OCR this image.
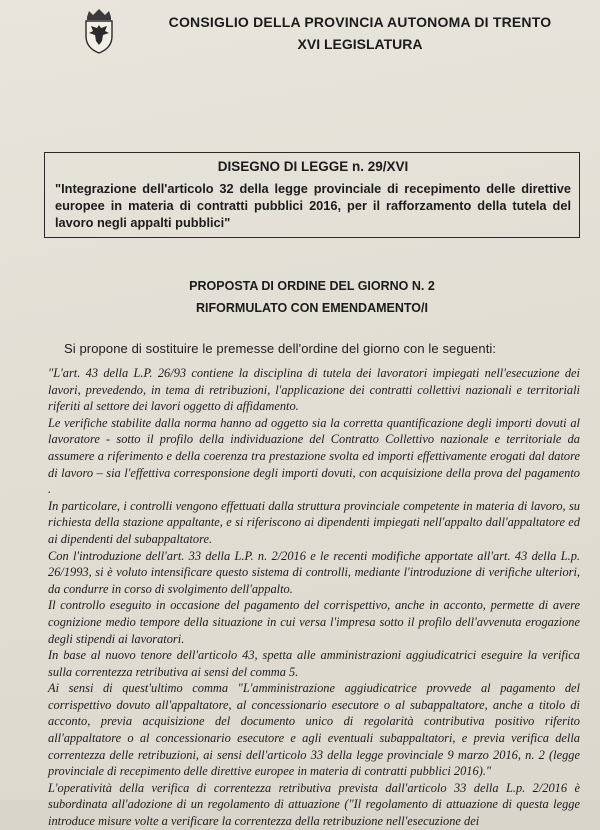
CONSIGLIO DELLA PROVINCIA AUTONOMA DI TRENTO
XVI LEGISLATURA
DISEGNO DI LEGGE n. 29/XVI
"Integrazione dell'articolo 32 della legge provinciale di recepimento delle direttive europee in materia di contratti pubblici 2016, per il rafforzamento della tutela del lavoro negli appalti pubblici"
PROPOSTA DI ORDINE DEL GIORNO N. 2
RIFORMULATO CON EMENDAMENTO/I
Si propone di sostituire le premesse dell'ordine del giorno con le seguenti:

"L'art. 43 della L.P. 26/93 contiene la disciplina di tutela dei lavoratori impiegati nell'esecuzione dei lavori, prevedendo, in tema di retribuzioni, l'applicazione dei contratti collettivi nazionali e territoriali riferiti al settore dei lavori oggetto di affidamento.

Le verifiche stabilite dalla norma hanno ad oggetto sia la corretta quantificazione degli importi dovuti al lavoratore - sotto il profilo della individuazione del Contratto Collettivo nazionale e territoriale da assumere a riferimento e della coerenza tra prestazione svolta ed importi effettivamente erogati dal datore di lavoro – sia l'effettiva corresponsione degli importi dovuti, con acquisizione della prova del pagamento .

In particolare, i controlli vengono effettuati dalla struttura provinciale competente in materia di lavoro, su richiesta della stazione appaltante, e si riferiscono ai dipendenti impiegati nell'appalto dall'appaltatore ed ai dipendenti del subappaltatore.

Con l'introduzione dell'art. 33 della L.P. n. 2/2016 e le recenti modifiche apportate all'art. 43 della L.p. 26/1993, si è voluto intensificare questo sistema di controlli, mediante l'introduzione di verifiche ulteriori, da condurre in corso di svolgimento dell'appalto.

Il controllo eseguito in occasione del pagamento del corrispettivo, anche in acconto, permette di avere cognizione medio tempore della situazione in cui versa l'impresa sotto il profilo dell'avvenuta erogazione degli stipendi ai lavoratori.

In base al nuovo tenore dell'articolo 43, spetta alle amministrazioni aggiudicatrici eseguire la verifica sulla correntezza retributiva ai sensi del comma 5.

Ai sensi di quest'ultimo comma "L'amministrazione aggiudicatrice provvede al pagamento del corrispettivo dovuto all'appaltatore, al concessionario esecutore o al subappaltatore, anche a titolo di acconto, previa acquisizione del documento unico di regolarità contributiva positivo riferito all'appaltatore o al concessionario esecutore e agli eventuali subappaltatori, e previa verifica della correntezza delle retribuzioni, ai sensi dell'articolo 33 della legge provinciale 9 marzo 2016, n. 2 (legge provinciale di recepimento delle direttive europee in materia di contratti pubblici 2016)."

L'operatività della verifica di correntezza retributiva prevista dall'articolo 33 della L.p. 2/2016 è subordinata all'adozione di un regolamento di attuazione ("Il regolamento di attuazione di questa legge introduce misure volte a verificare la correntezza della retribuzione nell'esecuzione dei
